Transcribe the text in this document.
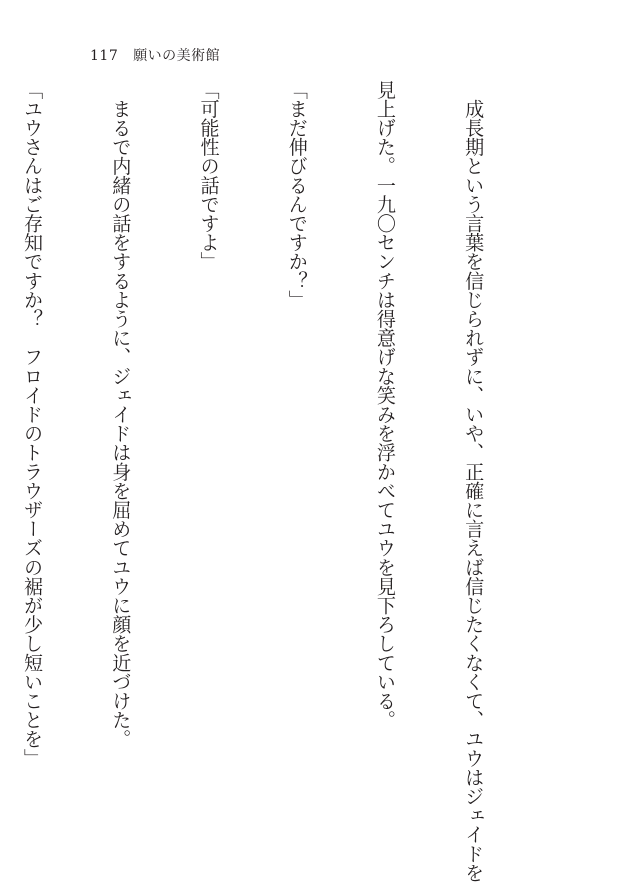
117 願いの美術館

　成長期という言葉を信じられずに、いや、正確に言えば信じたくなくて、ユウはジェイドを

見上げた。一九〇センチは得意げな笑みを浮かべてユウを見下ろしている。

「まだ伸びるんですか？」

「可能性の話ですよ」

　まるで内緒の話をするように、ジェイドは身を屈めてユウに顔を近づけた。

「ユウさんはご存知ですか？　フロイドのトラウザーズの裾が少し短いことを」
